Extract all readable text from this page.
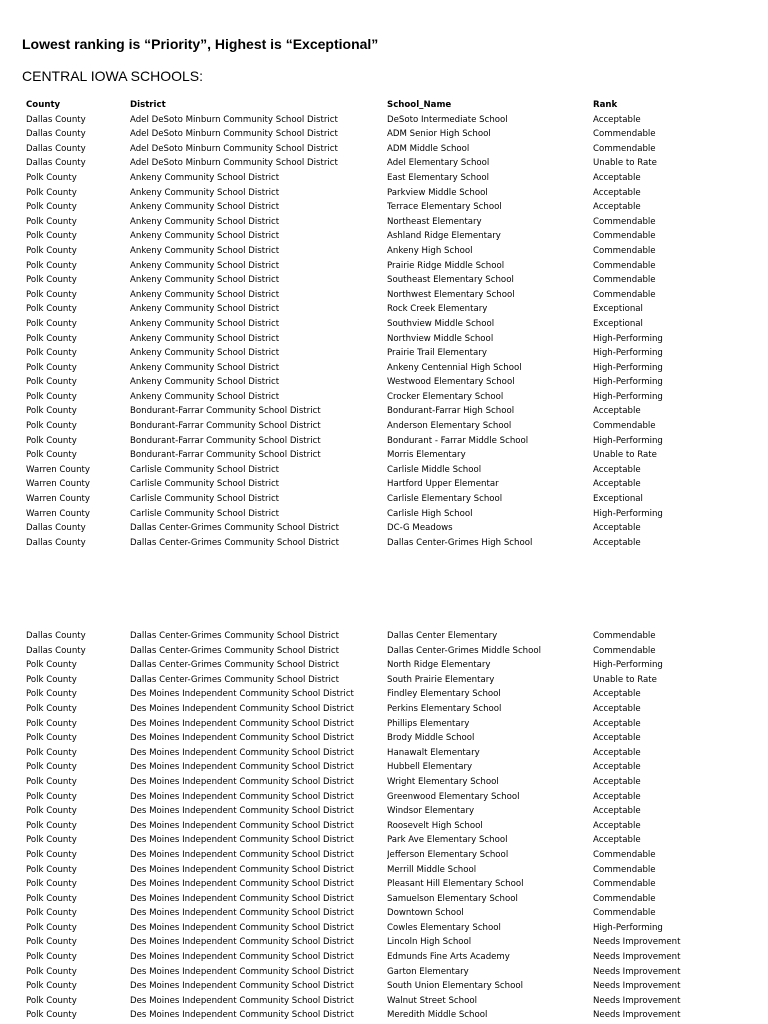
Lowest ranking is “Priority”, Highest is “Exceptional”
CENTRAL IOWA SCHOOLS:
County	District	School_Name	Rank
Dallas County	Adel DeSoto Minburn Community School District	DeSoto Intermediate School	Acceptable
Dallas County	Adel DeSoto Minburn Community School District	ADM Senior High School	Commendable
Dallas County	Adel DeSoto Minburn Community School District	ADM Middle School	Commendable
Dallas County	Adel DeSoto Minburn Community School District	Adel Elementary School	Unable to Rate
Polk County	Ankeny Community School District	East Elementary School	Acceptable
Polk County	Ankeny Community School District	Parkview Middle School	Acceptable
Polk County	Ankeny Community School District	Terrace Elementary School	Acceptable
Polk County	Ankeny Community School District	Northeast Elementary	Commendable
Polk County	Ankeny Community School District	Ashland Ridge Elementary	Commendable
Polk County	Ankeny Community School District	Ankeny High School	Commendable
Polk County	Ankeny Community School District	Prairie Ridge Middle School	Commendable
Polk County	Ankeny Community School District	Southeast Elementary School	Commendable
Polk County	Ankeny Community School District	Northwest Elementary School	Commendable
Polk County	Ankeny Community School District	Rock Creek Elementary	Exceptional
Polk County	Ankeny Community School District	Southview Middle School	Exceptional
Polk County	Ankeny Community School District	Northview Middle School	High-Performing
Polk County	Ankeny Community School District	Prairie Trail Elementary	High-Performing
Polk County	Ankeny Community School District	Ankeny Centennial High School	High-Performing
Polk County	Ankeny Community School District	Westwood Elementary School	High-Performing
Polk County	Ankeny Community School District	Crocker Elementary School	High-Performing
Polk County	Bondurant-Farrar Community School District	Bondurant-Farrar High School	Acceptable
Polk County	Bondurant-Farrar Community School District	Anderson Elementary School	Commendable
Polk County	Bondurant-Farrar Community School District	Bondurant - Farrar Middle School	High-Performing
Polk County	Bondurant-Farrar Community School District	Morris Elementary	Unable to Rate
Warren County	Carlisle Community School District	Carlisle Middle School	Acceptable
Warren County	Carlisle Community School District	Hartford Upper Elementar	Acceptable
Warren County	Carlisle Community School District	Carlisle Elementary School	Exceptional
Warren County	Carlisle Community School District	Carlisle High School	High-Performing
Dallas County	Dallas Center-Grimes Community School District	DC-G Meadows	Acceptable
Dallas County	Dallas Center-Grimes Community School District	Dallas Center-Grimes High School	Acceptable
Dallas County	Dallas Center-Grimes Community School District	Dallas Center Elementary	Commendable
Dallas County	Dallas Center-Grimes Community School District	Dallas Center-Grimes Middle School	Commendable
Polk County	Dallas Center-Grimes Community School District	North Ridge Elementary	High-Performing
Polk County	Dallas Center-Grimes Community School District	South Prairie Elementary	Unable to Rate
Polk County	Des Moines Independent Community School District	Findley Elementary School	Acceptable
Polk County	Des Moines Independent Community School District	Perkins Elementary School	Acceptable
Polk County	Des Moines Independent Community School District	Phillips Elementary	Acceptable
Polk County	Des Moines Independent Community School District	Brody Middle School	Acceptable
Polk County	Des Moines Independent Community School District	Hanawalt Elementary	Acceptable
Polk County	Des Moines Independent Community School District	Hubbell Elementary	Acceptable
Polk County	Des Moines Independent Community School District	Wright Elementary School	Acceptable
Polk County	Des Moines Independent Community School District	Greenwood Elementary School	Acceptable
Polk County	Des Moines Independent Community School District	Windsor Elementary	Acceptable
Polk County	Des Moines Independent Community School District	Roosevelt High School	Acceptable
Polk County	Des Moines Independent Community School District	Park Ave Elementary School	Acceptable
Polk County	Des Moines Independent Community School District	Jefferson Elementary School	Commendable
Polk County	Des Moines Independent Community School District	Merrill Middle School	Commendable
Polk County	Des Moines Independent Community School District	Pleasant Hill Elementary School	Commendable
Polk County	Des Moines Independent Community School District	Samuelson Elementary School	Commendable
Polk County	Des Moines Independent Community School District	Downtown School	Commendable
Polk County	Des Moines Independent Community School District	Cowles Elementary School	High-Performing
Polk County	Des Moines Independent Community School District	Lincoln High School	Needs Improvement
Polk County	Des Moines Independent Community School District	Edmunds Fine Arts Academy	Needs Improvement
Polk County	Des Moines Independent Community School District	Garton Elementary	Needs Improvement
Polk County	Des Moines Independent Community School District	South Union Elementary School	Needs Improvement
Polk County	Des Moines Independent Community School District	Walnut Street School	Needs Improvement
Polk County	Des Moines Independent Community School District	Meredith Middle School	Needs Improvement
